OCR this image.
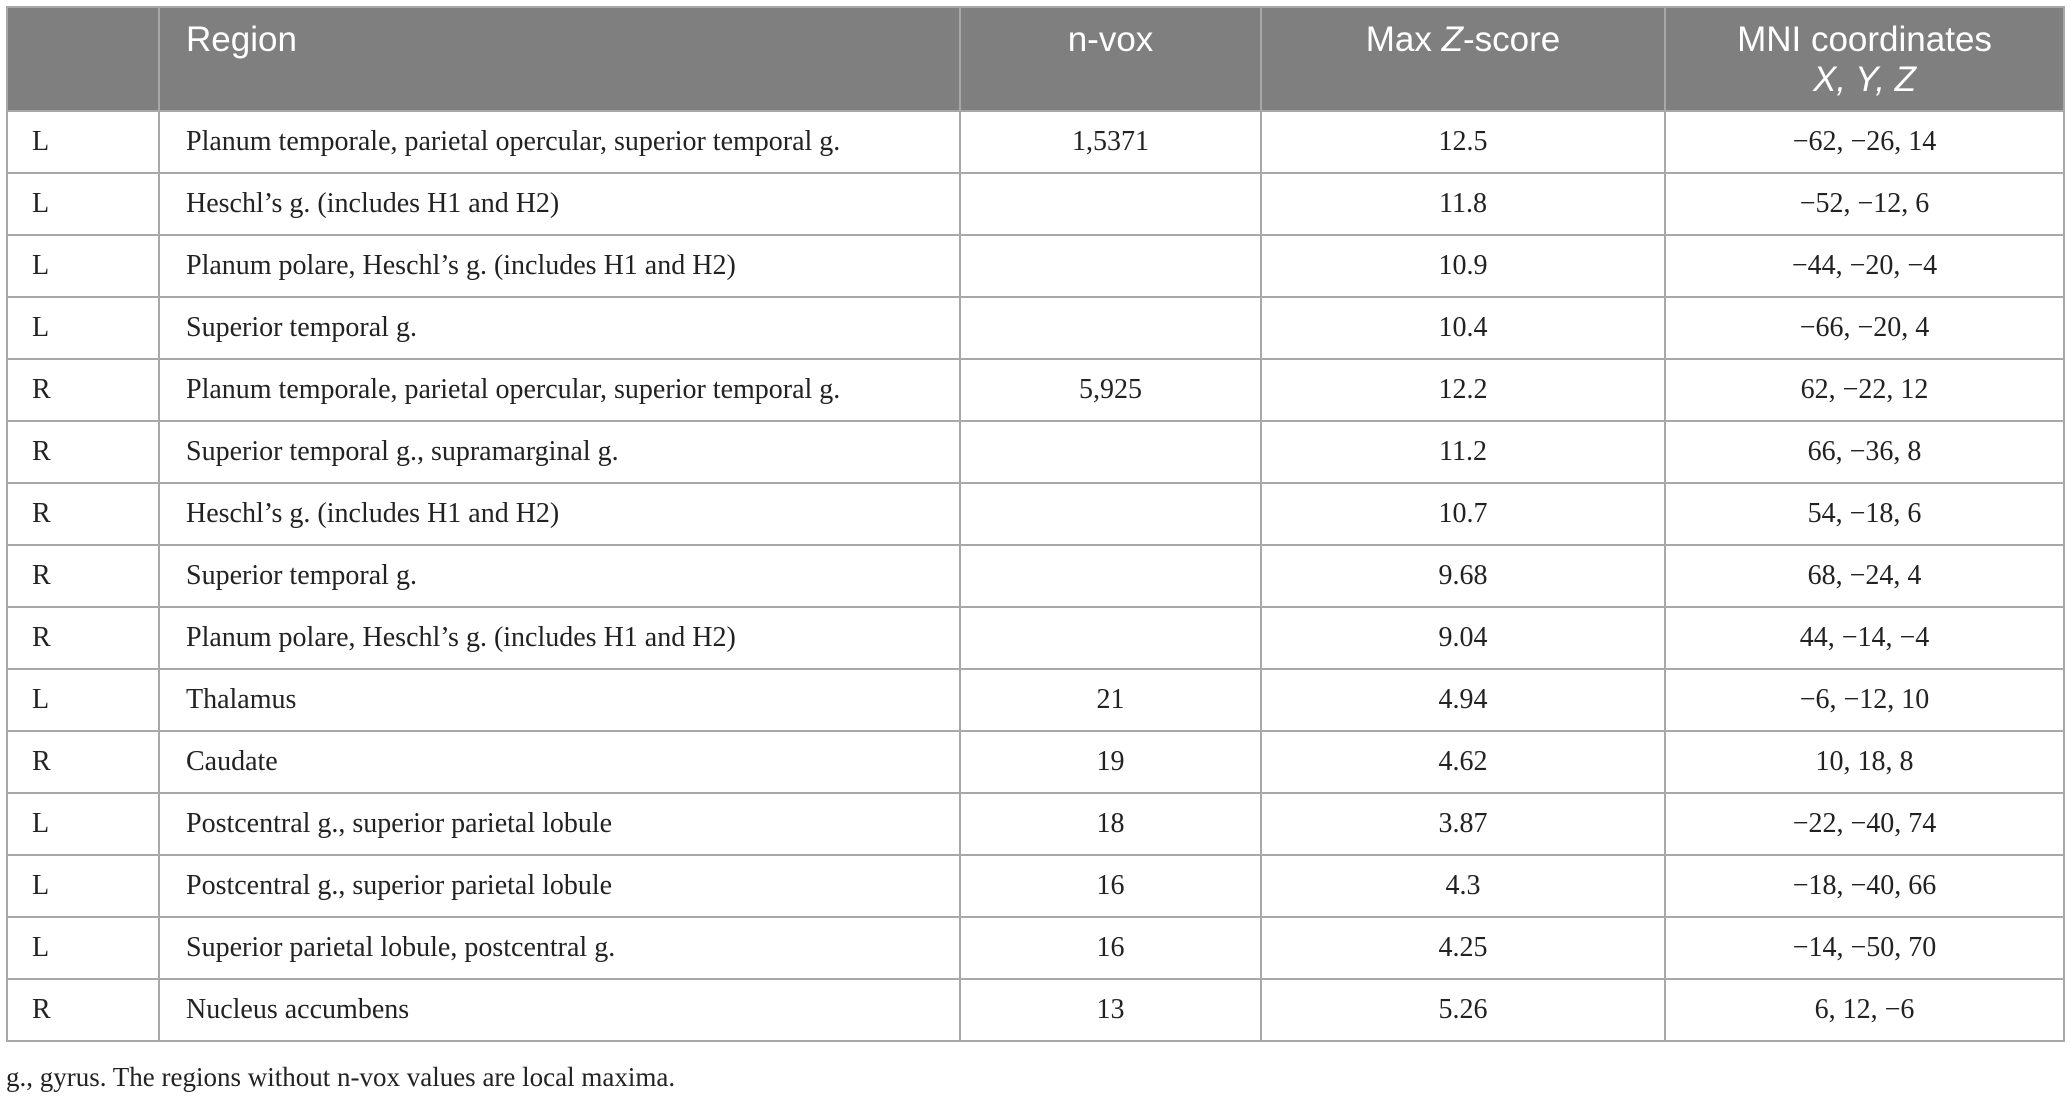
	Region	n-vox	Max Z-score	MNI coordinates
X, Y, Z
L	Planum temporale, parietal opercular, superior temporal g.	1,5371	12.5	−62, −26, 14
L	Heschl’s g. (includes H1 and H2)		11.8	−52, −12, 6
L	Planum polare, Heschl’s g. (includes H1 and H2)		10.9	−44, −20, −4
L	Superior temporal g.		10.4	−66, −20, 4
R	Planum temporale, parietal opercular, superior temporal g.	5,925	12.2	62, −22, 12
R	Superior temporal g., supramarginal g.		11.2	66, −36, 8
R	Heschl’s g. (includes H1 and H2)		10.7	54, −18, 6
R	Superior temporal g.		9.68	68, −24, 4
R	Planum polare, Heschl’s g. (includes H1 and H2)		9.04	44, −14, −4
L	Thalamus	21	4.94	−6, −12, 10
R	Caudate	19	4.62	10, 18, 8
L	Postcentral g., superior parietal lobule	18	3.87	−22, −40, 74
L	Postcentral g., superior parietal lobule	16	4.3	−18, −40, 66
L	Superior parietal lobule, postcentral g.	16	4.25	−14, −50, 70
R	Nucleus accumbens	13	5.26	6, 12, −6

g., gyrus. The regions without n-vox values are local maxima.
